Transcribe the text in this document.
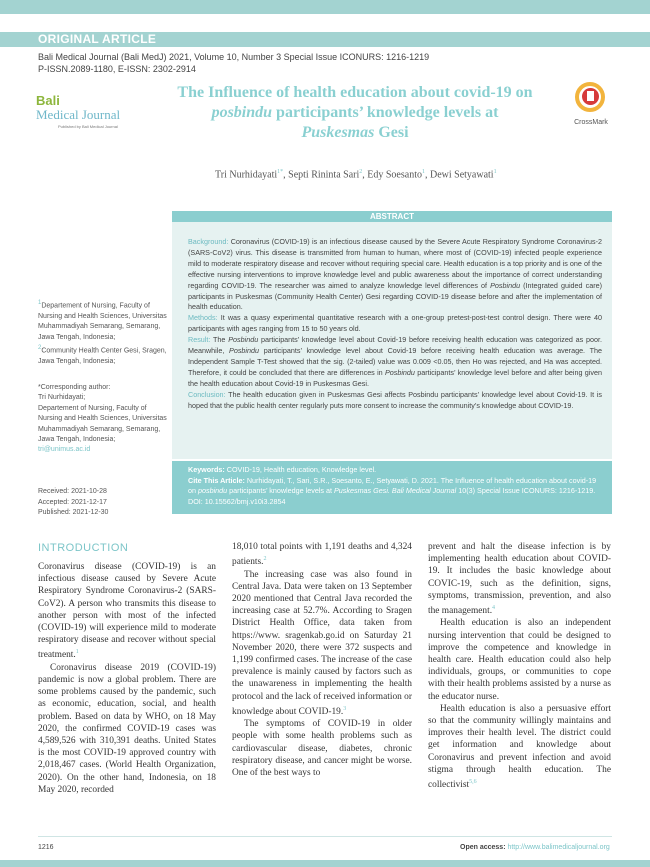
ORIGINAL ARTICLE
Bali Medical Journal (Bali MedJ) 2021, Volume 10, Number 3 Special Issue ICONURS: 1216-1219
P-ISSN.2089-1180, E-ISSN: 2302-2914
Bali
Medical Journal
Published by Bali Medical Journal
The Influence of health education about covid-19 on posbindu participants’ knowledge levels at
Puskesmas Gesi
CrossMark
Tri Nurhidayati$^{1*}$, Septi Rininta Sari$^2$, Edy Soesanto$^1$, Dewi Setyawati$^1$
ABSTRACT
Background: Coronavirus (COVID-19) is an infectious disease caused by the Severe Acute Respiratory Syndrome Coronavirus-2 (SARS-CoV2) virus. This disease is transmitted from human to human, where most of (COVID-19) infected people experience mild to moderate respiratory disease and recover without requiring special care. Health education is a top priority and is one of the effective nursing interventions to improve knowledge level and public awareness about the importance of correct understanding regarding COVID-19. The researcher was aimed to analyze knowledge level differences of Posbindu (Integrated guided care) participants in Puskesmas (Community Health Center) Gesi regarding COVID-19 disease before and after the implementation of health education.
Methods: It was a quasy experimental quantitative research with a one-group pretest-post-test control design. There were 40 participants with ages ranging from 15 to 50 years old.
Result: The Posbindu participants’ knowledge level about Covid-19 before receiving health education was categorized as poor. Meanwhile, Posbindu participants’ knowledge level about Covid-19 before receiving health education was average. The Independent Sample T-Test showed that the sig. (2-tailed) value was 0.009 <0.05, then Ho was rejected, and Ha was accepted. Therefore, it could be concluded that there are differences in Posbindu participants’ knowledge level before and after being given the health education about Covid-19 in Puskesmas Gesi.
Conclusion: The health education given in Puskesmas Gesi affects Posbindu participants’ knowledge level about Covid-19. It is hoped that the public health center regularly puts more consent to increase the community’s knowledge about COVID-19.
Keywords: COVID-19, Health education, Knowledge level.
Cite This Article: Nurhidayati, T., Sari, S.R., Soesanto, E., Setyawati, D. 2021. The Influence of health education about covid-19 on posbindu participants’ knowledge levels at Puskesmas Gesi. Bali Medical Journal 10(3) Special Issue ICONURS: 1216-1219. DOI: 10.15562/bmj.v10i3.2854
$^1$Departement of Nursing, Faculty of Nursing and Health Sciences, Universitas Muhammadiyah Semarang, Semarang, Jawa Tengah, Indonesia;
$^2$Community Health Center Gesi, Sragen, Jawa Tengah, Indonesia;
*Corresponding author:
Tri Nurhidayati;
Departement of Nursing, Faculty of Nursing and Health Sciences, Universitas Muhammadiyah Semarang, Semarang, Jawa Tengah, Indonesia;
tri@unimus.ac.id
Received: 2021-10-28
Accepted: 2021-12-17
Published: 2021-12-30
INTRODUCTION

Coronavirus disease (COVID-19) is an infectious disease caused by Severe Acute Respiratory Syndrome Coronavirus-2 (SARS-CoV2). A person who transmits this disease to another person with most of the infected (COVID-19) will experience mild to moderate respiratory disease and recover without special treatment.$^1$

Coronavirus disease 2019 (COVID-19) pandemic is now a global problem. There are some problems caused by the pandemic, such as economic, education, social, and health problem. Based on data by WHO, on 18 May 2020, the confirmed COVID-19 cases was 4,589,526 with 310,391 deaths. United States is the most COVID-19 approved country with 2,018,467 cases. (World Health Organization, 2020). On the other hand, Indonesia, on 18 May 2020, recorded

18,010 total points with 1,191 deaths and 4,324 patients.$^2$

The increasing case was also found in Central Java. Data were taken on 13 September 2020 mentioned that Central Java recorded the increasing case at 52.7%. According to Sragen District Health Office, data taken from https://www. sragenkab.go.id on Saturday 21 November 2020, there were 372 suspects and 1,199 confirmed cases. The increase of the case prevalence is mainly caused by factors such as the unawareness in implementing the health protocol and the lack of received information or knowledge about COVID-19.$^3$

The symptoms of COVID-19 in older people with some health problems such as cardiovascular disease, diabetes, chronic respiratory disease, and cancer might be worse. One of the best ways to

prevent and halt the disease infection is by implementing health education about COVID-19. It includes the basic knowledge about COVIC-19, such as the definition, signs, symptoms, transmission, prevention, and also the management.$^4$

Health education is also an independent nursing intervention that could be designed to improve the competence and knowledge in health care. Health education could also help individuals, groups, or communities to cope with their health problems assisted by a nurse as the educator nurse.

Health education is also a persuasive effort so that the community willingly maintains and improves their health level. The district could get information and knowledge about Coronavirus and prevent infection and avoid stigma through health education. The collectivist$^{5,6}$

1216	Open access: http://www.balimedicaljournal.org
